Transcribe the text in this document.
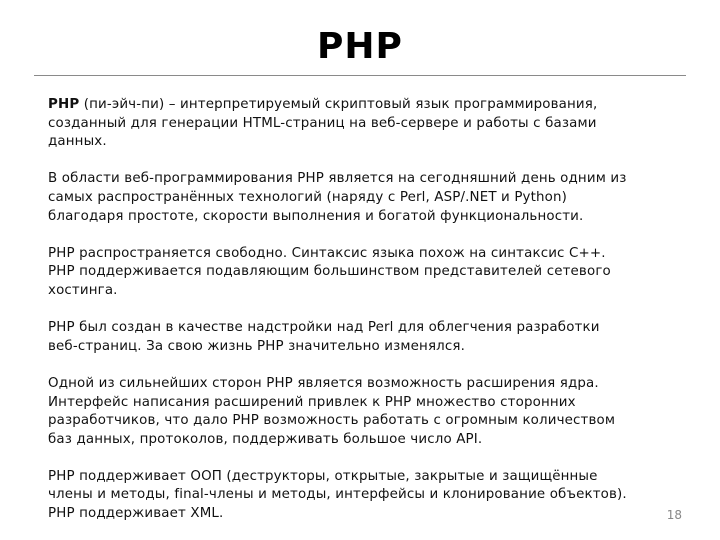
PHP

PHP (пи-эйч-пи) – интерпретируемый скриптовый язык программирования,
созданный для генерации HTML-страниц на веб-сервере и работы с базами
данных.

В области веб-программирования PHP является на сегодняшний день одним из
самых распространённых технологий (наряду с Perl, ASP/.NET и Python)
благодаря простоте, скорости выполнения и богатой функциональности.

PHP распространяется свободно. Синтаксис языка похож на синтаксис C++.
PHP поддерживается подавляющим большинством представителей сетевого
хостинга.

PHP был создан в качестве надстройки над Perl для облегчения разработки
веб-страниц. За свою жизнь PHP значительно изменялся.

Одной из сильнейших сторон PHP является возможность расширения ядра.
Интерфейс написания расширений привлек к PHP множество сторонних
разработчиков, что дало PHP возможность работать с огромным количеством
баз данных, протоколов, поддерживать большое число API.

PHP поддерживает ООП (деструкторы, открытые, закрытые и защищённые
члены и методы, final-члены и методы, интерфейсы и клонирование объектов).
PHP поддерживает XML.	18
